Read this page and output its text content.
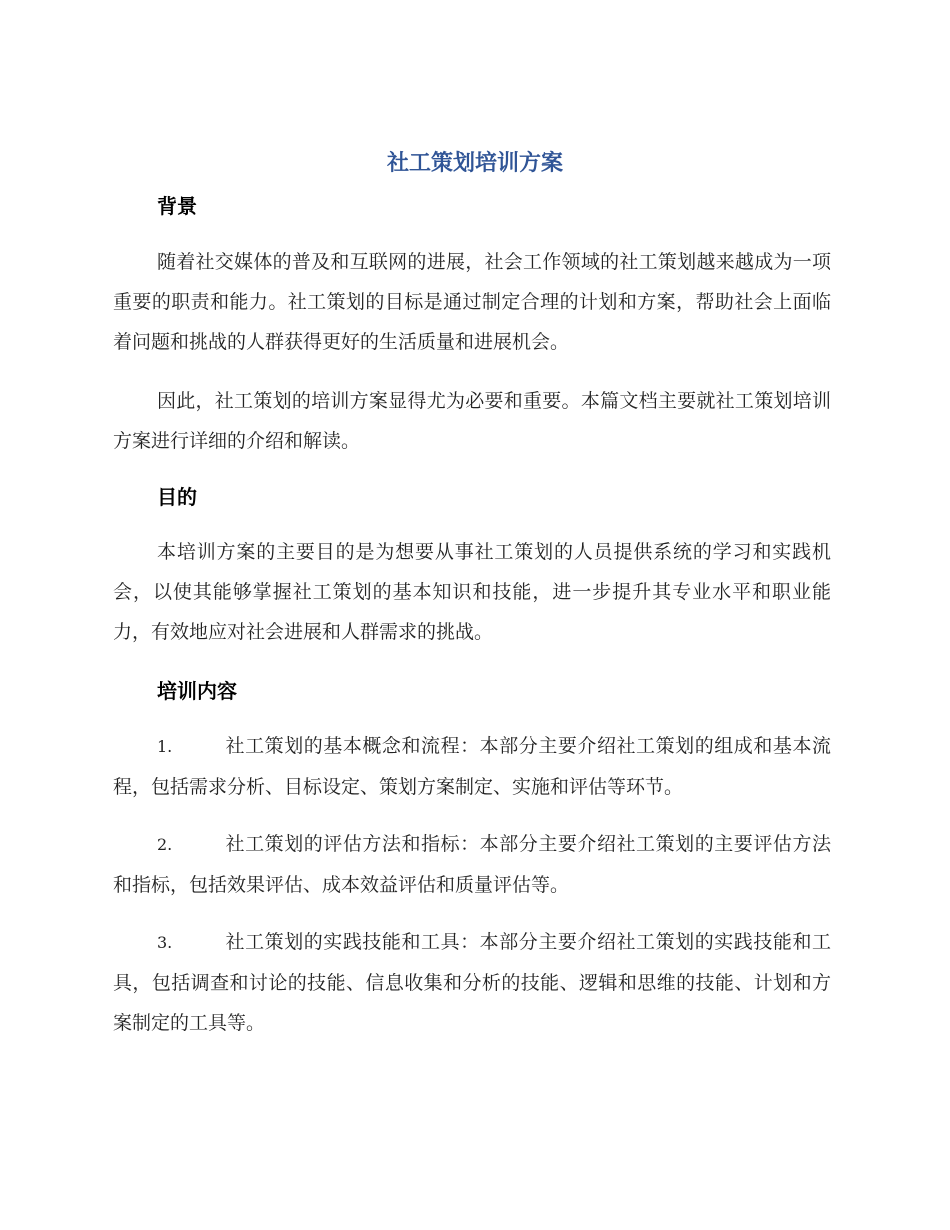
社工策划培训方案
背景

随着社交媒体的普及和互联网的进展，社会工作领域的社工策划越来越成为一项重要的职责和能力。社工策划的目标是通过制定合理的计划和方案，帮助社会上面临着问题和挑战的人群获得更好的生活质量和进展机会。

因此，社工策划的培训方案显得尤为必要和重要。本篇文档主要就社工策划培训方案进行详细的介绍和解读。

目的

本培训方案的主要目的是为想要从事社工策划的人员提供系统的学习和实践机会，以使其能够掌握社工策划的基本知识和技能，进一步提升其专业水平和职业能力，有效地应对社会进展和人群需求的挑战。

培训内容

1.	社工策划的基本概念和流程：本部分主要介绍社工策划的组成和基本流程，包括需求分析、目标设定、策划方案制定、实施和评估等环节。

2.	社工策划的评估方法和指标：本部分主要介绍社工策划的主要评估方法和指标，包括效果评估、成本效益评估和质量评估等。

3.	社工策划的实践技能和工具：本部分主要介绍社工策划的实践技能和工具，包括调查和讨论的技能、信息收集和分析的技能、逻辑和思维的技能、计划和方案制定的工具等。
